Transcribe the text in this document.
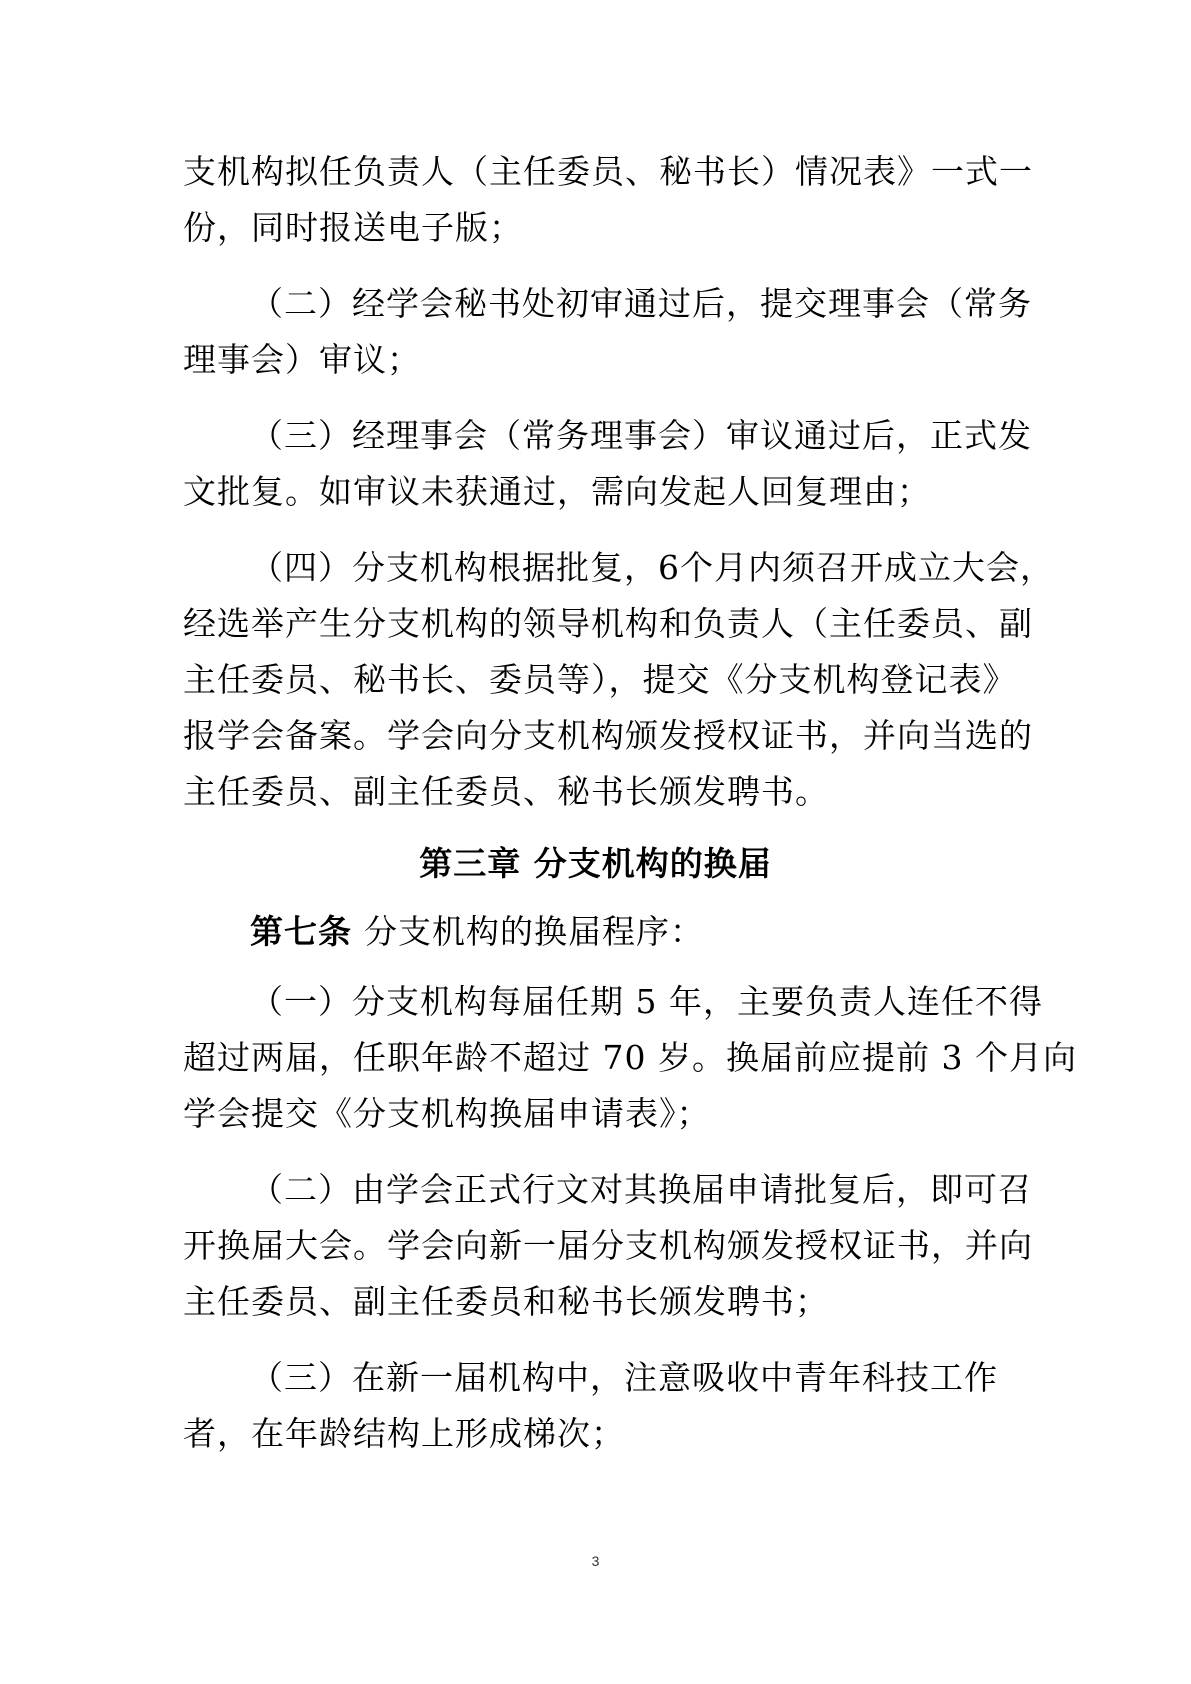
支机构拟任负责人（主任委员、秘书长）情况表》一式一
份，同时报送电子版；
（二）经学会秘书处初审通过后，提交理事会（常务
理事会）审议；
（三）经理事会（常务理事会）审议通过后，正式发
文批复。如审议未获通过，需向发起人回复理由；
（四）分支机构根据批复，6个月内须召开成立大会，
经选举产生分支机构的领导机构和负责人（主任委员、副
主任委员、秘书长、委员等），提交《分支机构登记表》
报学会备案。学会向分支机构颁发授权证书，并向当选的
主任委员、副主任委员、秘书长颁发聘书。
第三章 分支机构的换届
第七条 分支机构的换届程序：
（一）分支机构每届任期 5 年，主要负责人连任不得
超过两届，任职年龄不超过 70 岁。换届前应提前 3 个月向
学会提交《分支机构换届申请表》；
（二）由学会正式行文对其换届申请批复后，即可召
开换届大会。学会向新一届分支机构颁发授权证书，并向
主任委员、副主任委员和秘书长颁发聘书；
（三）在新一届机构中，注意吸收中青年科技工作
者，在年龄结构上形成梯次；
3
